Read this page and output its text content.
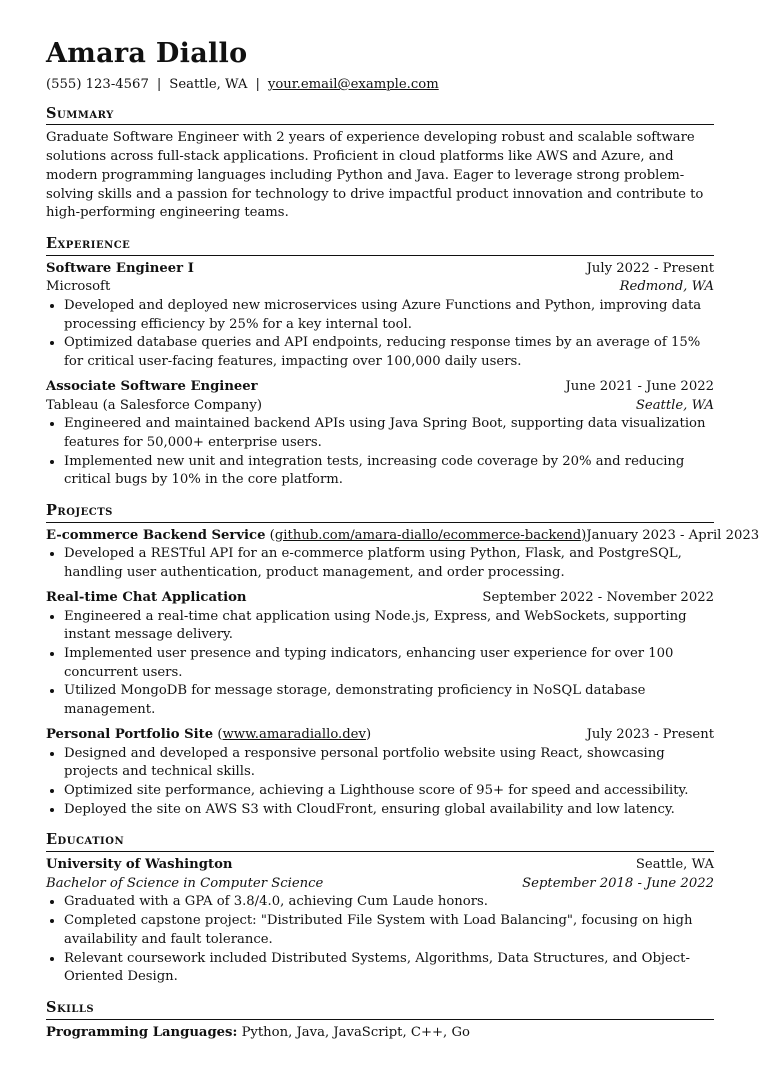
Amara Diallo
(555) 123-4567 | Seattle, WA | your.email@example.com
Summary

Graduate Software Engineer with 2 years of experience developing robust and scalable software solutions across full-stack applications. Proficient in cloud platforms like AWS and Azure, and modern programming languages including Python and Java. Eager to leverage strong problem-solving skills and a passion for technology to drive impactful product innovation and contribute to high-performing engineering teams.

Experience
Software Engineer I	July 2022 - Present
Microsoft	Redmond, WA
• Developed and deployed new microservices using Azure Functions and Python, improving data processing efficiency by 25% for a key internal tool.
• Optimized database queries and API endpoints, reducing response times by an average of 15% for critical user-facing features, impacting over 100,000 daily users.
Associate Software Engineer	June 2021 - June 2022
Tableau (a Salesforce Company)	Seattle, WA
• Engineered and maintained backend APIs using Java Spring Boot, supporting data visualization features for 50,000+ enterprise users.
• Implemented new unit and integration tests, increasing code coverage by 20% and reducing critical bugs by 10% in the core platform.
Projects
E-commerce Backend Service (github.com/amara-diallo/ecommerce-backend) January 2023 - April 2023
• Developed a RESTful API for an e-commerce platform using Python, Flask, and PostgreSQL, handling user authentication, product management, and order processing.
Real-time Chat Application	September 2022 - November 2022
• Engineered a real-time chat application using Node.js, Express, and WebSockets, supporting instant message delivery.
• Implemented user presence and typing indicators, enhancing user experience for over 100 concurrent users.
• Utilized MongoDB for message storage, demonstrating proficiency in NoSQL database management.
Personal Portfolio Site (www.amaradiallo.dev)	July 2023 - Present
• Designed and developed a responsive personal portfolio website using React, showcasing projects and technical skills.
• Optimized site performance, achieving a Lighthouse score of 95+ for speed and accessibility.
• Deployed the site on AWS S3 with CloudFront, ensuring global availability and low latency.
Education
University of Washington	Seattle, WA
Bachelor of Science in Computer Science	September 2018 - June 2022
• Graduated with a GPA of 3.8/4.0, achieving Cum Laude honors.
• Completed capstone project: "Distributed File System with Load Balancing", focusing on high availability and fault tolerance.
• Relevant coursework included Distributed Systems, Algorithms, Data Structures, and Object-Oriented Design.
Skills
Programming Languages: Python, Java, JavaScript, C++, Go
